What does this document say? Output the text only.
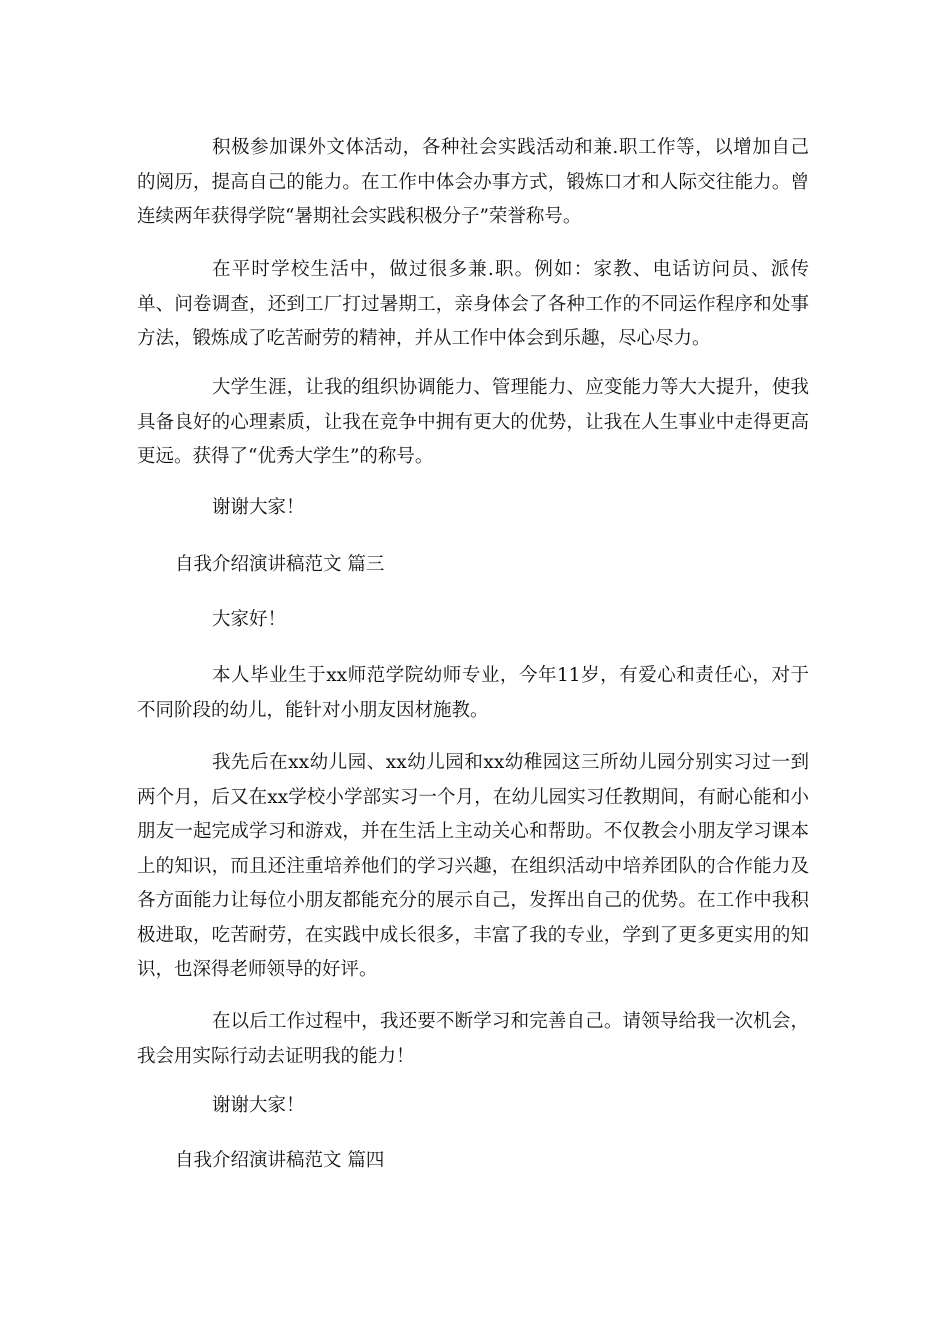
积极参加课外文体活动，各种社会实践活动和兼.职工作等，以增加自己的阅历，提高自己的能力。在工作中体会办事方式，锻炼口才和人际交往能力。曾连续两年获得学院“暑期社会实践积极分子”荣誉称号。

在平时学校生活中，做过很多兼.职。例如：家教、电话访问员、派传单、问卷调查，还到工厂打过暑期工，亲身体会了各种工作的不同运作程序和处事方法，锻炼成了吃苦耐劳的精神，并从工作中体会到乐趣，尽心尽力。

大学生涯，让我的组织协调能力、管理能力、应变能力等大大提升，使我具备良好的心理素质，让我在竞争中拥有更大的优势，让我在人生事业中走得更高更远。获得了“优秀大学生”的称号。

谢谢大家！

自我介绍演讲稿范文 篇三

大家好！

本人毕业生于xx师范学院幼师专业，今年11岁，有爱心和责任心，对于不同阶段的幼儿，能针对小朋友因材施教。

我先后在xx幼儿园、xx幼儿园和xx幼稚园这三所幼儿园分别实习过一到两个月，后又在xx学校小学部实习一个月，在幼儿园实习任教期间，有耐心能和小朋友一起完成学习和游戏，并在生活上主动关心和帮助。不仅教会小朋友学习课本上的知识，而且还注重培养他们的学习兴趣，在组织活动中培养团队的合作能力及各方面能力让每位小朋友都能充分的展示自己，发挥出自己的优势。在工作中我积极进取，吃苦耐劳，在实践中成长很多，丰富了我的专业，学到了更多更实用的知识，也深得老师领导的好评。

在以后工作过程中，我还要不断学习和完善自己。请领导给我一次机会，我会用实际行动去证明我的能力！

谢谢大家！

自我介绍演讲稿范文 篇四
